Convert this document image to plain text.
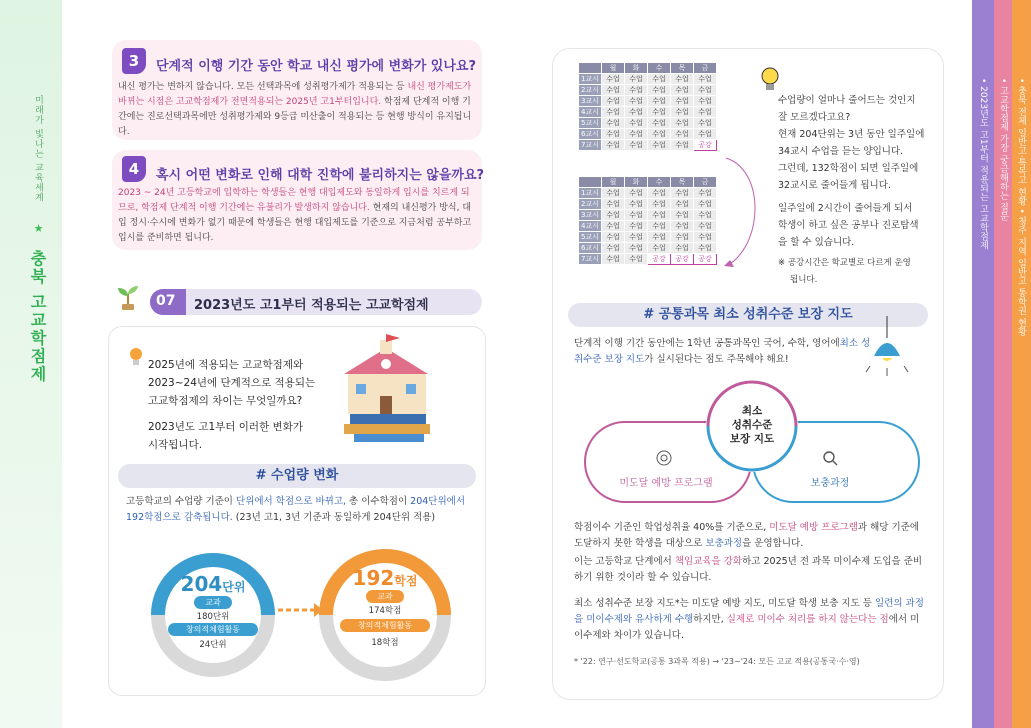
미래가 빛나는 교육세계
★
충북 고교학점제
3	단계적 이행 기간 동안 학교 내신 평가에 변화가 있나요?
내신 평가는 변하지 않습니다. 모든 선택과목에 성취평가제가 적용되는 등 내신 평가제도가 바뀌는 시점은 고교학점제가 전면적용되는 2025년 고1부터입니다. 학점제 단계적 이행 기간에는 진로선택과목에만 성취평가제와 9등급 미산출이 적용되는 등 현행 방식이 유지됩니다.
4	혹시 어떤 변화로 인해 대학 진학에 불리하지는 않을까요?
2023 ~ 24년 고등학교에 입학하는 학생들은 현행 대입제도와 동일하게 입시를 치르게 되므로, 학점제 단계적 이행 기간에는 유불리가 발생하지 않습니다. 현재의 내신평가 방식, 대입 정시·수시에 변화가 없기 때문에 학생들은 현행 대입제도를 기준으로 지금처럼 공부하고 입시를 준비하면 됩니다.
07 2023년도 고1부터 적용되는 고교학점제
2025년에 적용되는 고교학점제와
2023~24년에 단계적으로 적용되는
고교학점제의 차이는 무엇일까요?
2023년도 고1부터 이러한 변화가
시작됩니다.
# 수업량 변화
고등학교의 수업량 기준이 단위에서 학점으로 바뀌고, 총 이수학점이 204단위에서 192학점으로 감축됩니다. (23년 고1, 3년 기준과 동일하게 204단위 적용)
204단위
교과
180단위
창의적체험활동
24단위
192학점
교과
174학점
창의적체험활동
18학점
	월	화	수	목	금
1교시	수업	수업	수업	수업	수업
2교시	수업	수업	수업	수업	수업
3교시	수업	수업	수업	수업	수업
4교시	수업	수업	수업	수업	수업
5교시	수업	수업	수업	수업	수업
6교시	수업	수업	수업	수업	수업
7교시	수업	수업	수업	수업	공강
	월	화	수	목	금
1교시	수업	수업	수업	수업	수업
2교시	수업	수업	수업	수업	수업
3교시	수업	수업	수업	수업	수업
4교시	수업	수업	수업	수업	수업
5교시	수업	수업	수업	수업	수업
6교시	수업	수업	수업	수업	수업
7교시	수업	수업	공강	공강	공강
수업량이 얼마나 줄어드는 것인지
잘 모르겠다고요?
현재 204단위는 3년 동안 일주일에
34교시 수업을 듣는 양입니다.
그런데, 132학점이 되면 일주일에
32교시로 줄어들게 됩니다.
일주일에 2시간이 줄어들게 되서
학생이 하고 싶은 공부나 진로탐색
을 할 수 있습니다.
※ 공강시간은 학교별로 다르게 운영
됩니다.
# 공통과목 최소 성취수준 보장 지도
단계적 이행 기간 동안에는 1학년 공통과목인 국어, 수학, 영어에최소 성취수준 보장 지도가 실시된다는 점도 주목해야 해요!
최소
성취수준
보장 지도
미도달 예방 프로그램	보충과정
학점이수 기준인 학업성취율 40%를 기준으로, 미도달 예방 프로그램과 해당 기준에 도달하지 못한 학생을 대상으로 보충과정을 운영합니다.
이는 고등학교 단계에서 책임교육을 강화하고 2025년 전 과목 미이수제 도입을 준비하기 위한 것이라 할 수 있습니다.
최소 성취수준 보장 지도*는 미도달 예방 지도, 미도달 학생 보충 지도 등 일련의 과정을 미이수제와 유사하게 수행하지만, 실제로 미이수 처리를 하지 않는다는 점에서 미이수제와 차이가 있습니다.
* '22: 연구·선도학교(공통 3과목 적용) → '23~'24: 모든 고교 적용(공통국·수·영)
• 2023년도 고1부터 적용되는 고교학점제 • 고교학점제 가장 궁금해하는 질문 • 충북 전체 일반고·특목고 현황 • 청주 지역 일반고 통학권 현황
